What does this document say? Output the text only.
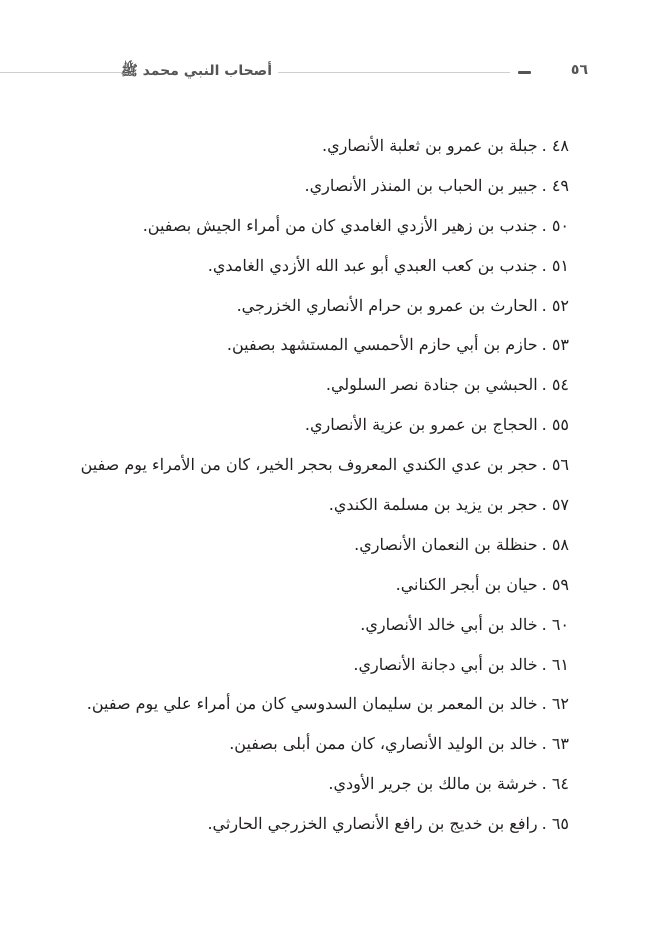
أصحاب النبي محمد ﷺ	٥٦
٤٨ .جبلة بن عمرو بن ثعلبة الأنصاري.
٤٩ .جبير بن الحباب بن المنذر الأنصاري.
٥٠ .جندب بن زهير الأزدي الغامدي كان من أمراء الجيش بصفين.
٥١ .جندب بن كعب العبدي أبو عبد الله الأزدي الغامدي.
٥٢ .الحارث بن عمرو بن حرام الأنصاري الخزرجي.
٥٣ .حازم بن أبي حازم الأحمسي المستشهد بصفين.
٥٤ .الحبشي بن جنادة نصر السلولي.
٥٥ .الحجاج بن عمرو بن عزية الأنصاري.
٥٦ .حجر بن عدي الكندي المعروف بحجر الخير، كان من الأمراء يوم صفين
٥٧ .حجر بن يزيد بن مسلمة الكندي.
٥٨ .حنظلة بن النعمان الأنصاري.
٥٩ .حيان بن أبجر الكناني.
٦٠ .خالد بن أبي خالد الأنصاري.
٦١ .خالد بن أبي دجانة الأنصاري.
٦٢ .خالد بن المعمر بن سليمان السدوسي كان من أمراء علي يوم صفين.
٦٣ .خالد بن الوليد الأنصاري، كان ممن أبلى بصفين.
٦٤ .خرشة بن مالك بن جرير الأودي.
٦٥ .رافع بن خديج بن رافع الأنصاري الخزرجي الحارثي.
